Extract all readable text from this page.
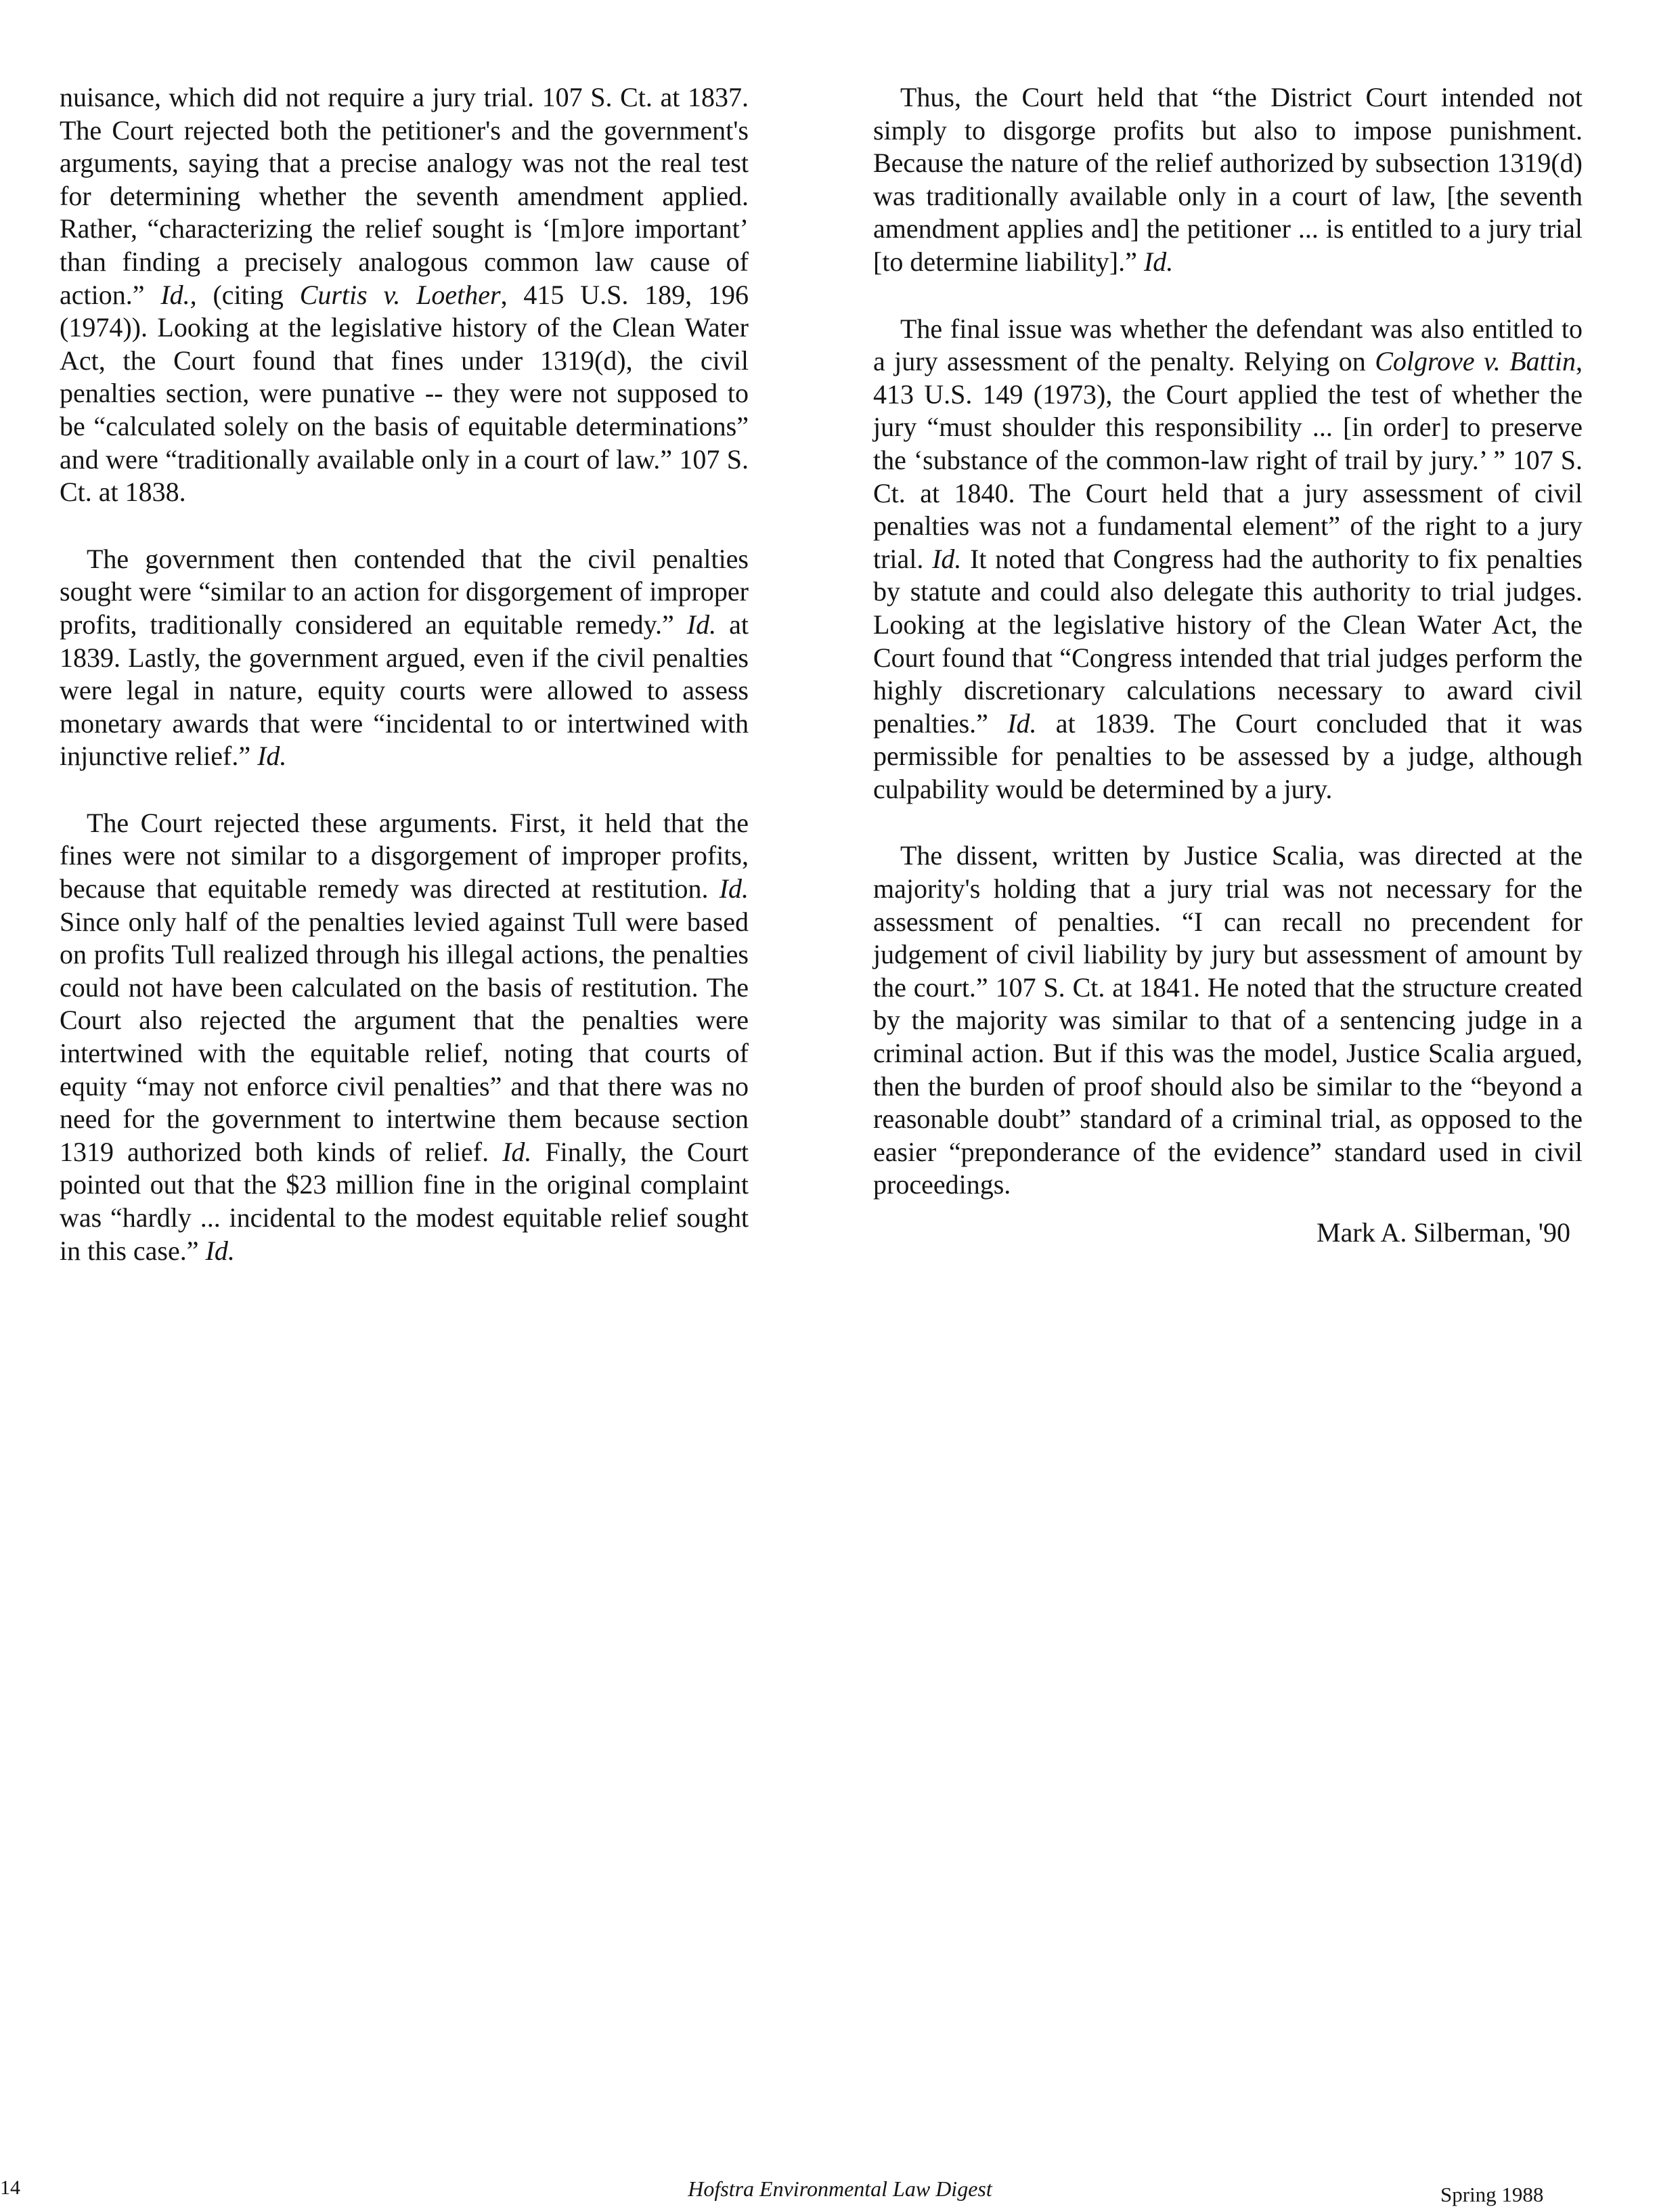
nuisance, which did not require a jury trial. 107 S. Ct. at 1837. The Court rejected both the petitioner's and the government's arguments, saying that a precise analogy was not the real test for determining whether the seventh amendment applied. Rather, “characterizing the relief sought is ‘[m]ore important’ than finding a precisely analogous common law cause of action.” Id., (citing Curtis v. Loether, 415 U.S. 189, 196 (1974)). Looking at the legislative history of the Clean Water Act, the Court found that fines under 1319(d), the civil penalties section, were punative -- they were not supposed to be “calculated solely on the basis of equitable determinations” and were “traditionally available only in a court of law.” 107 S. Ct. at 1838.

The government then contended that the civil penalties sought were “similar to an action for disgorgement of improper profits, traditionally considered an equitable remedy.” Id. at 1839. Lastly, the government argued, even if the civil penalties were legal in nature, equity courts were allowed to assess monetary awards that were “incidental to or intertwined with injunctive relief.” Id.

The Court rejected these arguments. First, it held that the fines were not similar to a disgorgement of improper profits, because that equitable remedy was directed at restitution. Id. Since only half of the penalties levied against Tull were based on profits Tull realized through his illegal actions, the penalties could not have been calculated on the basis of restitution. The Court also rejected the argument that the penalties were intertwined with the equitable relief, noting that courts of equity “may not enforce civil penalties” and that there was no need for the government to intertwine them because section 1319 authorized both kinds of relief. Id. Finally, the Court pointed out that the $23 million fine in the original complaint was “hardly ... incidental to the modest equitable relief sought in this case.” Id.

Thus, the Court held that “the District Court intended not simply to disgorge profits but also to impose punishment. Because the nature of the relief authorized by subsection 1319(d) was traditionally available only in a court of law, [the seventh amendment applies and] the petitioner ... is entitled to a jury trial [to determine liability].” Id.

The final issue was whether the defendant was also entitled to a jury assessment of the penalty. Relying on Colgrove v. Battin, 413 U.S. 149 (1973), the Court applied the test of whether the jury “must shoulder this responsibility ... [in order] to preserve the ‘substance of the common-law right of trail by jury.’ ” 107 S. Ct. at 1840. The Court held that a jury assessment of civil penalties was not a fundamental element” of the right to a jury trial. Id. It noted that Congress had the authority to fix penalties by statute and could also delegate this authority to trial judges. Looking at the legislative history of the Clean Water Act, the Court found that “Congress intended that trial judges perform the highly discretionary calculations necessary to award civil penalties.” Id. at 1839. The Court concluded that it was permissible for penalties to be assessed by a judge, although culpability would be determined by a jury.

The dissent, written by Justice Scalia, was directed at the majority's holding that a jury trial was not necessary for the assessment of penalties. “I can recall no precendent for judgement of civil liability by jury but assessment of amount by the court.” 107 S. Ct. at 1841. He noted that the structure created by the majority was similar to that of a sentencing judge in a criminal action. But if this was the model, Justice Scalia argued, then the burden of proof should also be similar to the “beyond a reasonable doubt” standard of a criminal trial, as opposed to the easier “preponderance of the evidence” standard used in civil proceedings.

Mark A. Silberman, '90
14	Hofstra Environmental Law Digest	Spring 1988
